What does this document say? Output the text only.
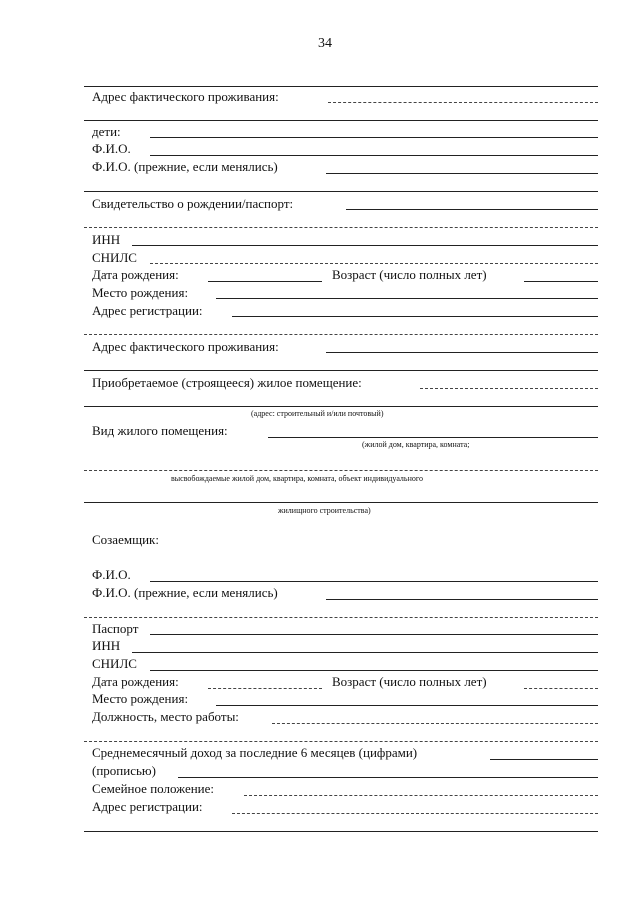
34
Адрес фактического проживания:
дети:
Ф.И.О.
Ф.И.О. (прежние, если менялись)
Свидетельство о рождении/паспорт:
ИНН
СНИЛС
Дата рождения:	Возраст (число полных лет)
Место рождения:
Адрес регистрации:
Адрес фактического проживания:
Приобретаемое (строящееся) жилое помещение:
(адрес: строительный и/или почтовый)
Вид жилого помещения:
(жилой дом, квартира, комната;
высвобождаемые жилой дом, квартира, комната, объект индивидуального
жилищного строительства)
Созаемщик:
Ф.И.О.
Ф.И.О. (прежние, если менялись)
Паспорт
ИНН
СНИЛС
Дата рождения:	Возраст (число полных лет)
Место рождения:
Должность, место работы:
Среднемесячный доход за последние 6 месяцев (цифрами)
(прописью)
Семейное положение:
Адрес регистрации:
